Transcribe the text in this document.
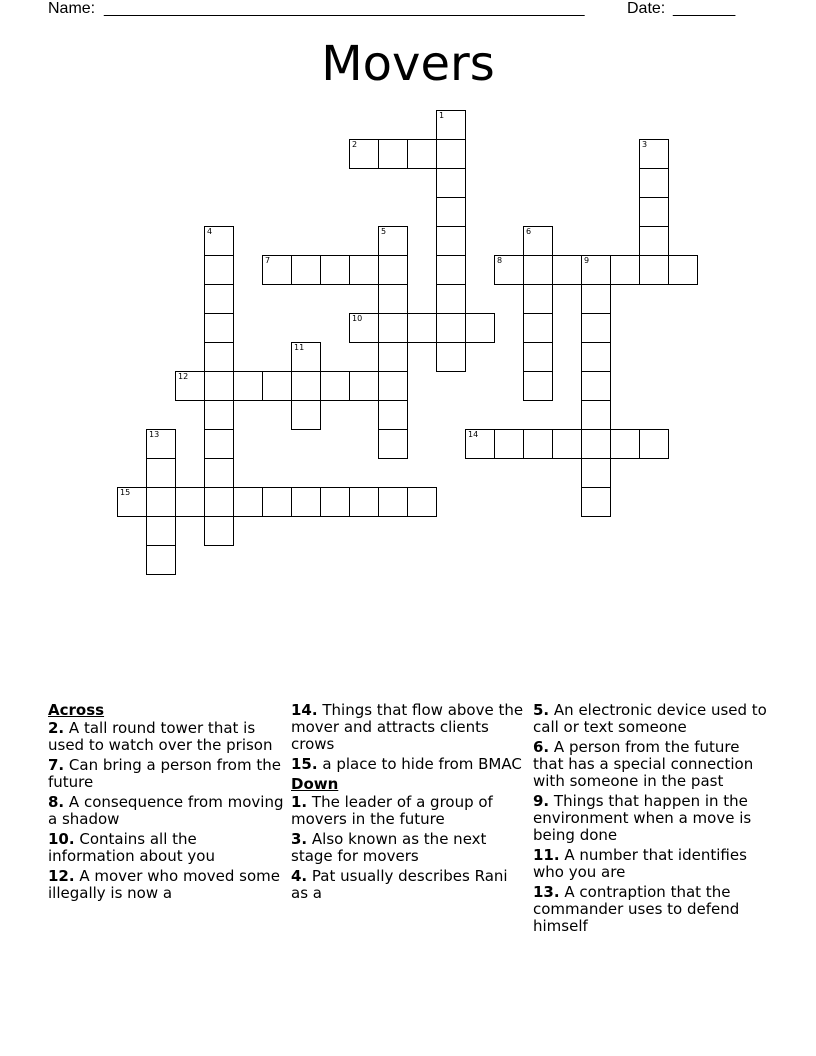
Name: ______________________________________________________	Date: _______
Movers
1
2	3
4	5	6
7	8	9
10
11
12
13	14
15
Across
2. A tall round tower that is used to watch over the prison
7. Can bring a person from the future
8. A consequence from moving a shadow
10. Contains all the information about you
12. A mover who moved some illegally is now a
14. Things that flow above the mover and attracts clients crows
15. a place to hide from BMAC
Down
1. The leader of a group of movers in the future
3. Also known as the next stage for movers
4. Pat usually describes Rani as a
5. An electronic device used to call or text someone
6. A person from the future that has a special connection with someone in the past
9. Things that happen in the environment when a move is being done
11. A number that identifies who you are
13. A contraption that the commander uses to defend himself
